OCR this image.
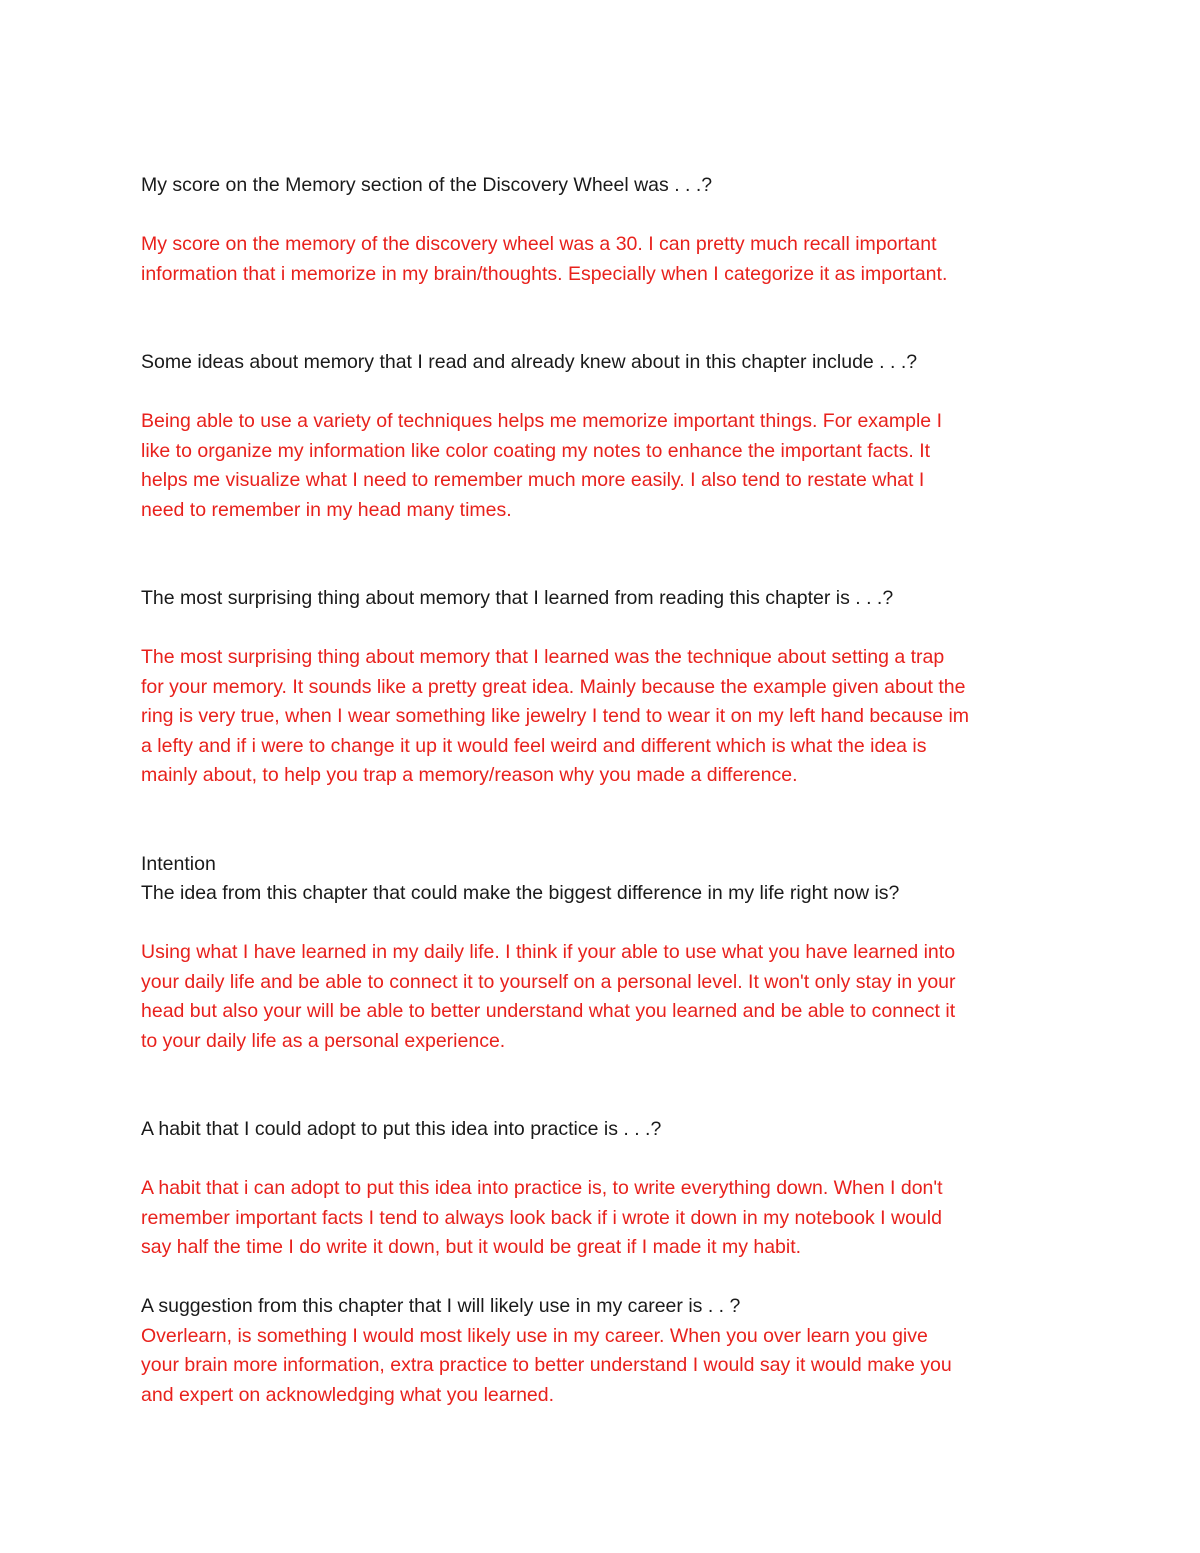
My score on the Memory section of the Discovery Wheel was . . .?

My score on the memory of the discovery wheel was a 30. I can pretty much recall important
information that i memorize in my brain/thoughts. Especially when I categorize it as important.

Some ideas about memory that I read and already knew about in this chapter include . . .?

Being able to use a variety of techniques helps me memorize important things. For example I
like to organize my information like color coating my notes to enhance the important facts. It
helps me visualize what I need to remember much more easily. I also tend to restate what I
need to remember in my head many times.

The most surprising thing about memory that I learned from reading this chapter is . . .?

The most surprising thing about memory that I learned was the technique about setting a trap
for your memory. It sounds like a pretty great idea. Mainly because the example given about the
ring is very true, when I wear something like jewelry I tend to wear it on my left hand because im
a lefty and if i were to change it up it would feel weird and different which is what the idea is
mainly about, to help you trap a memory/reason why you made a difference.

Intention

The idea from this chapter that could make the biggest difference in my life right now is?

Using what I have learned in my daily life. I think if your able to use what you have learned into
your daily life and be able to connect it to yourself on a personal level. It won't only stay in your
head but also your will be able to better understand what you learned and be able to connect it
to your daily life as a personal experience.

A habit that I could adopt to put this idea into practice is . . .?

A habit that i can adopt to put this idea into practice is, to write everything down. When I don't
remember important facts I tend to always look back if i wrote it down in my notebook I would
say half the time I do write it down, but it would be great if I made it my habit.

A suggestion from this chapter that I will likely use in my career is . . ?

Overlearn, is something I would most likely use in my career. When you over learn you give
your brain more information, extra practice to better understand I would say it would make you
and expert on acknowledging what you learned.
